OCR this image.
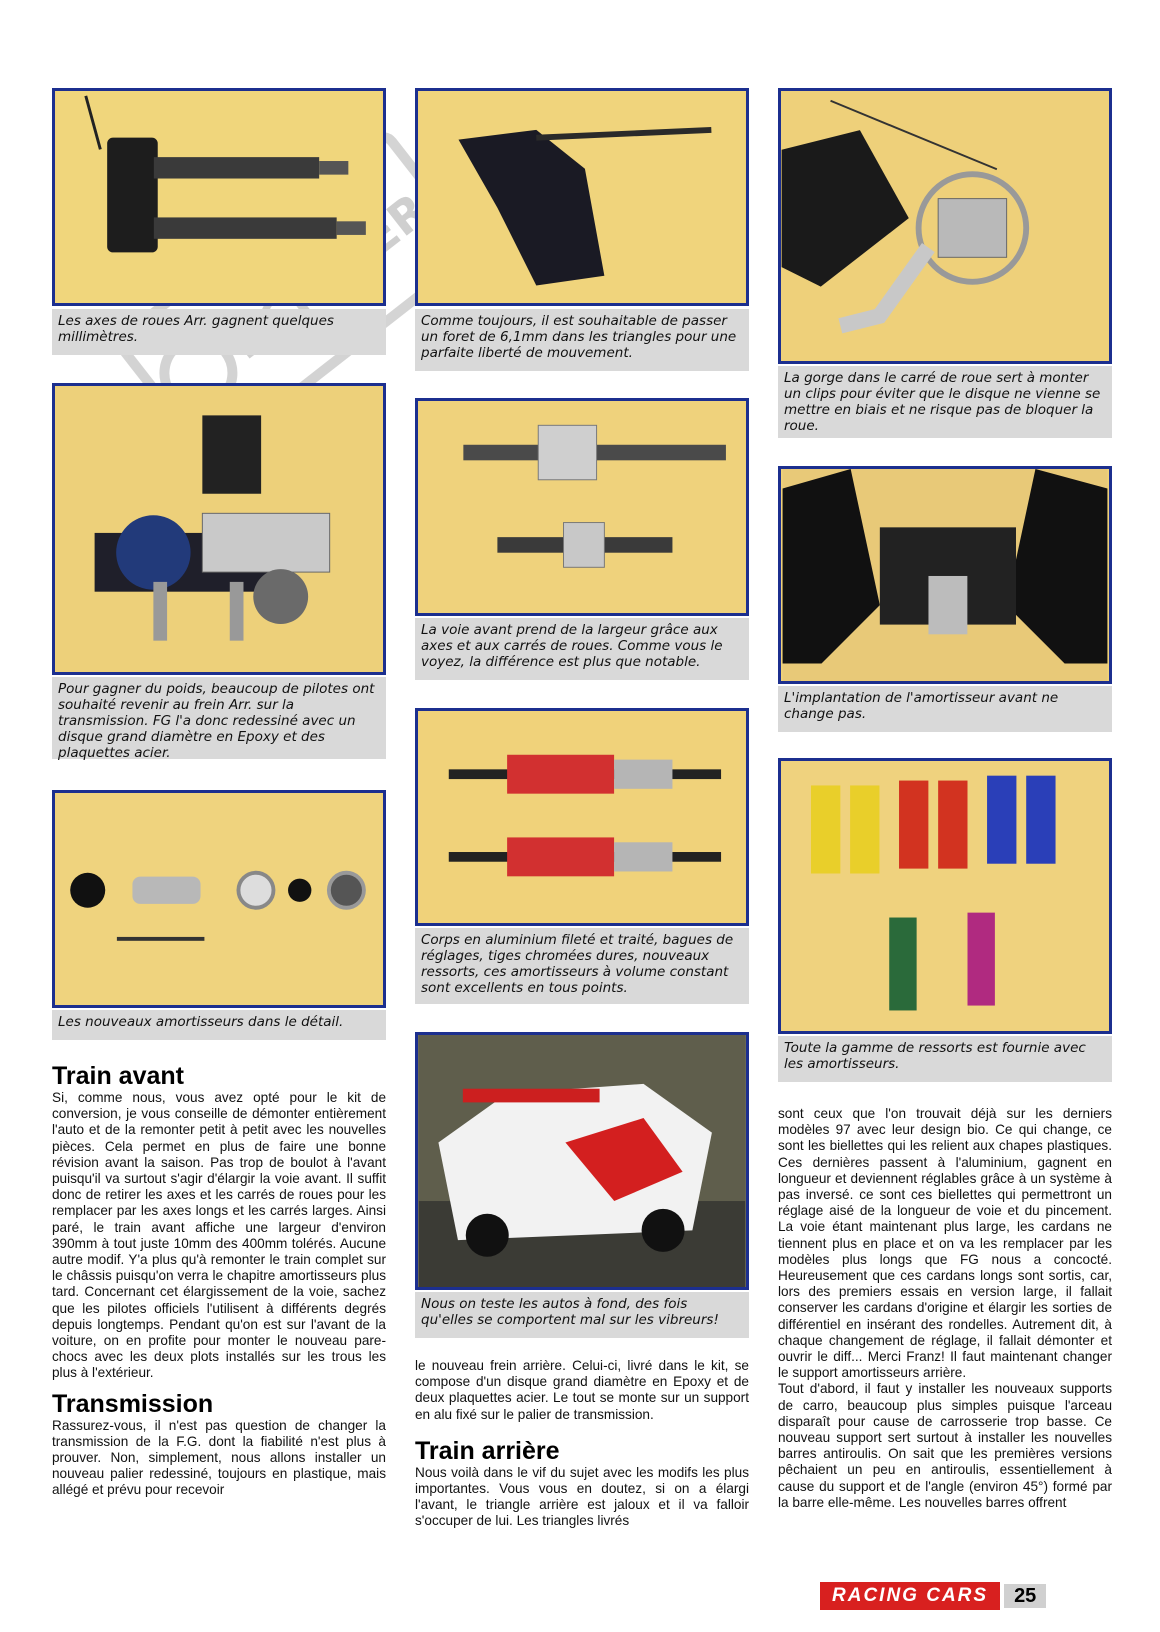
Les axes de roues Arr. gagnent quelques millimètres.
Pour gagner du poids, beaucoup de pilotes ont souhaité revenir au frein Arr. sur la transmission. FG l'a donc redessiné avec un disque grand diamètre en Epoxy et des plaquettes acier.
Les nouveaux amortisseurs dans le détail.
Comme toujours, il est souhaitable de passer un foret de 6,1mm dans les triangles pour une parfaite liberté de mouvement.
La voie avant prend de la largeur grâce aux axes et aux carrés de roues. Comme vous le voyez, la différence est plus que notable.
Corps en aluminium fileté et traité, bagues de réglages, tiges chromées dures, nouveaux ressorts, ces amortisseurs à volume constant sont excellents en tous points.
Nous on teste les autos à fond, des fois qu'elles se comportent mal sur les vibreurs!
La gorge dans le carré de roue sert à monter un clips pour éviter que le disque ne vienne se mettre en biais et ne risque pas de bloquer la roue.
L'implantation de l'amortisseur avant ne change pas.
Toute la gamme de ressorts est fournie avec les amortisseurs.
Train avant

Si, comme nous, vous avez opté pour le kit de conversion, je vous conseille de démonter entièrement l'auto et de la remonter petit à petit avec les nouvelles pièces. Cela permet en plus de faire une bonne révision avant la saison. Pas trop de boulot à l'avant puisqu'il va surtout s'agir d'élargir la voie avant. Il suffit donc de retirer les axes et les carrés de roues pour les remplacer par les axes longs et les carrés larges. Ainsi paré, le train avant affiche une largeur d'environ 390mm à tout juste 10mm des 400mm tolérés. Aucune autre modif. Y'a plus qu'à remonter le train complet sur le châssis puisqu'on verra le chapitre amortisseurs plus tard. Concernant cet élargissement de la voie, sachez que les pilotes officiels l'utilisent à différents degrés depuis longtemps. Pendant qu'on est sur l'avant de la voiture, on en profite pour monter le nouveau pare-chocs avec les deux plots installés sur les trous les plus à l'extérieur.

Transmission

Rassurez-vous, il n'est pas question de changer la transmission de la F.G. dont la fiabilité n'est plus à prouver. Non, simplement, nous allons installer un nouveau palier redessiné, toujours en plastique, mais allégé et prévu pour recevoir

le nouveau frein arrière. Celui-ci, livré dans le kit, se compose d'un disque grand diamètre en Epoxy et de deux plaquettes acier. Le tout se monte sur un support en alu fixé sur le palier de transmission.

Train arrière

Nous voilà dans le vif du sujet avec les modifs les plus importantes. Vous vous en doutez, si on a élargi l'avant, le triangle arrière est jaloux et il va falloir s'occuper de lui. Les triangles livrés

sont ceux que l'on trouvait déjà sur les derniers modèles 97 avec leur design bio. Ce qui change, ce sont les biellettes qui les relient aux chapes plastiques. Ces dernières passent à l'aluminium, gagnent en longueur et deviennent réglables grâce à un système à pas inversé. ce sont ces biellettes qui permettront un réglage aisé de la longueur de voie et du pincement. La voie étant maintenant plus large, les cardans ne tiennent plus en place et on va les remplacer par les modèles plus longs que FG nous a concocté. Heureusement que ces cardans longs sont sortis, car, lors des premiers essais en version large, il fallait conserver les cardans d'origine et élargir les sorties de différentiel en insérant des rondelles. Autrement dit, à chaque changement de réglage, il fallait démonter et ouvrir le diff... Merci Franz! Il faut maintenant changer le support amortisseurs arrière.

Tout d'abord, il faut y installer les nouveaux supports de carro, beaucoup plus simples puisque l'arceau disparaît pour cause de carrosserie trop basse. Ce nouveau support sert surtout à installer les nouvelles barres antiroulis. On sait que les premières versions pêchaient un peu en antiroulis, essentiellement à cause du support et de l'angle (environ 45°) formé par la barre elle-même. Les nouvelles barres offrent

RACING CARS	25
